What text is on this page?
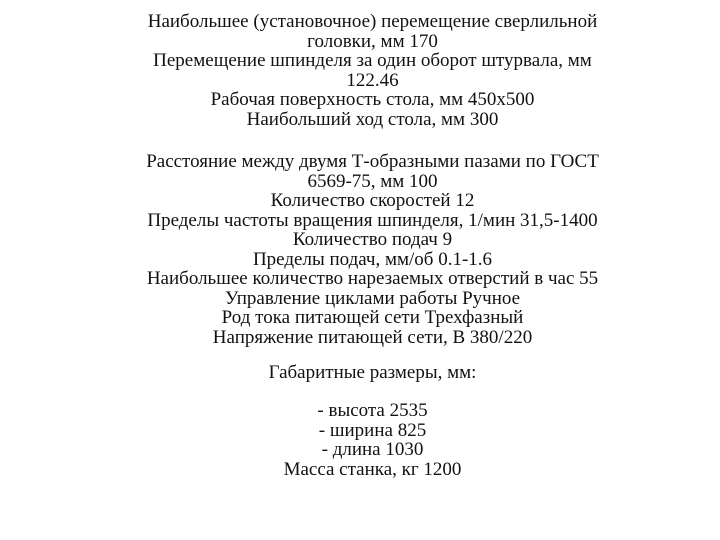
Наибольшее (установочное) перемещение сверлильной
головки, мм 170
Перемещение шпинделя за один оборот штурвала, мм
122.46
Рабочая поверхность стола, мм 450х500
Наибольший ход стола, мм 300
Расстояние между двумя Т-образными пазами по ГОСТ
6569-75, мм 100
Количество скоростей 12
Пределы частоты вращения шпинделя, 1/мин 31,5-1400
Количество подач 9
Пределы подач, мм/об 0.1-1.6
Наибольшее количество нарезаемых отверстий в час 55
Управление циклами работы Ручное
Род тока питающей сети Трехфазный
Напряжение питающей сети, В 380/220
Габаритные размеры, мм:
- высота 2535
- ширина 825
- длина 1030
Масса станка, кг 1200
